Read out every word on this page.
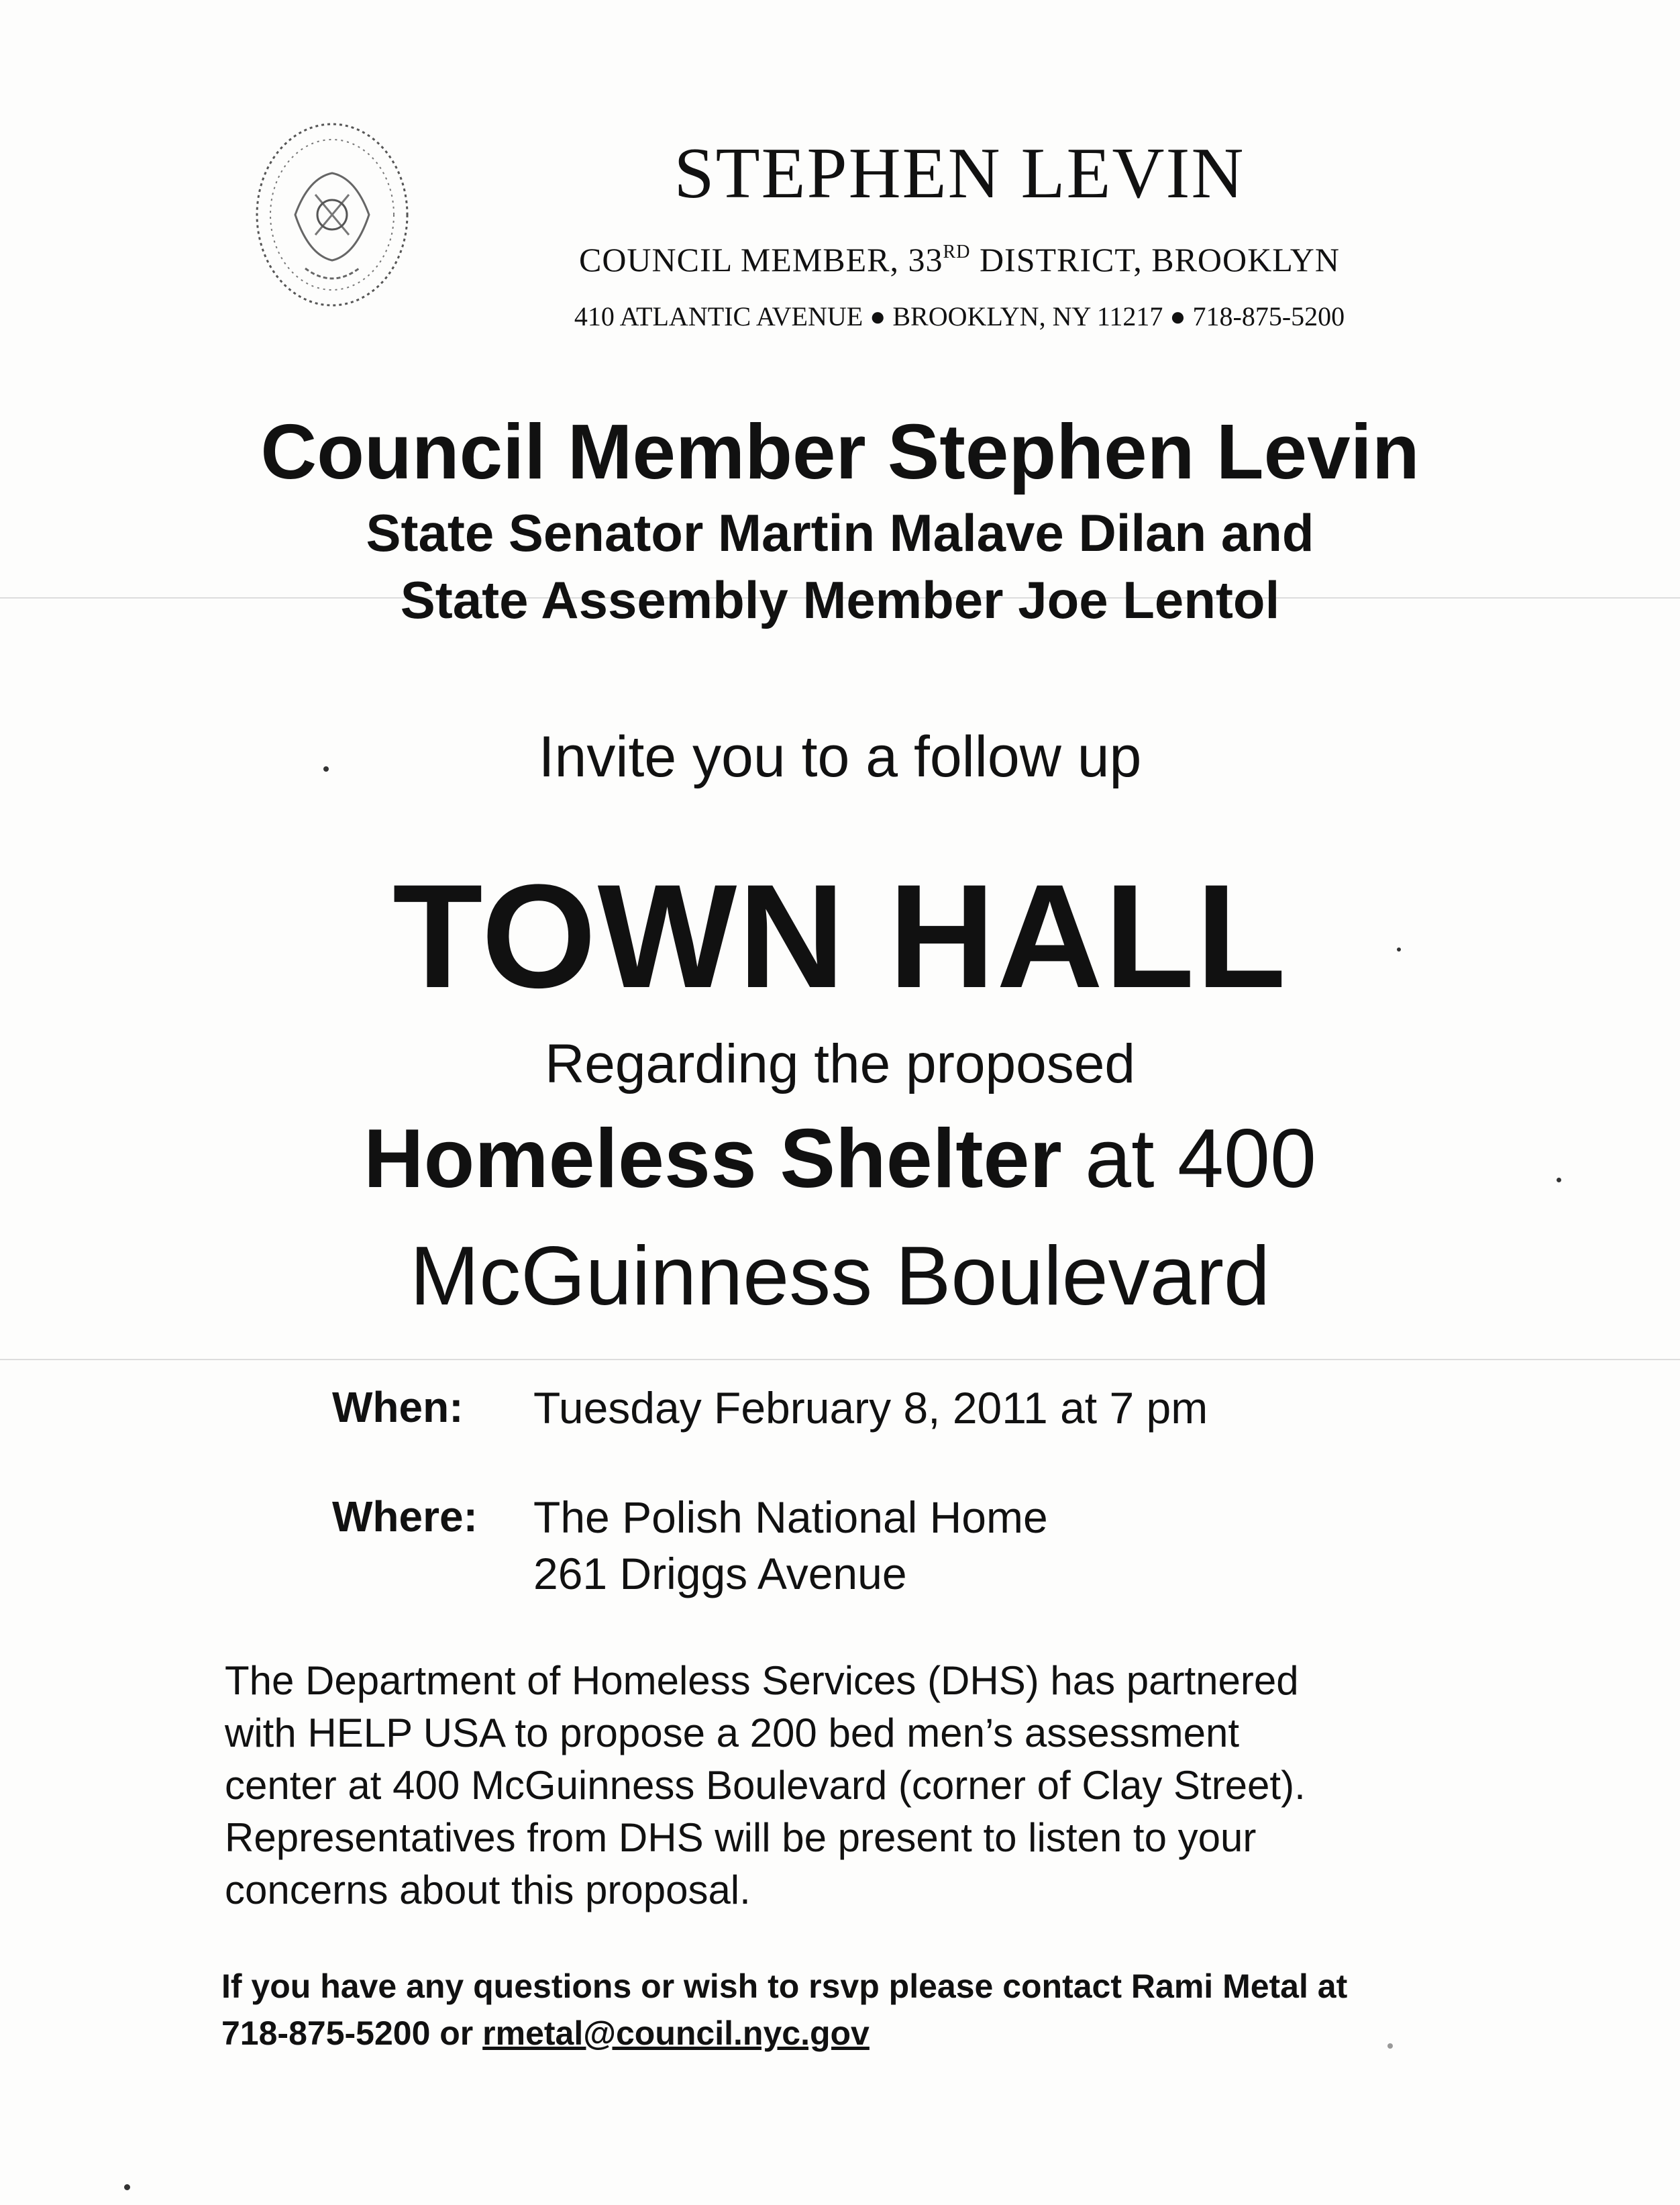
STEPHEN LEVIN
COUNCIL MEMBER, 33RD DISTRICT, BROOKLYN
410 ATLANTIC AVENUE ● BROOKLYN, NY 11217 ● 718-875-5200
Council Member Stephen Levin
State Senator Martin Malave Dilan and
State Assembly Member Joe Lentol
Invite you to a follow up
TOWN HALL
Regarding the proposed
Homeless Shelter at 400
McGuinness Boulevard
When: Tuesday February 8, 2011 at 7 pm
Where: The Polish National Home
261 Driggs Avenue
The Department of Homeless Services (DHS) has partnered
with HELP USA to propose a 200 bed men’s assessment
center at 400 McGuinness Boulevard (corner of Clay Street).
Representatives from DHS will be present to listen to your
concerns about this proposal.
If you have any questions or wish to rsvp please contact Rami Metal at
718-875-5200 or rmetal@council.nyc.gov
